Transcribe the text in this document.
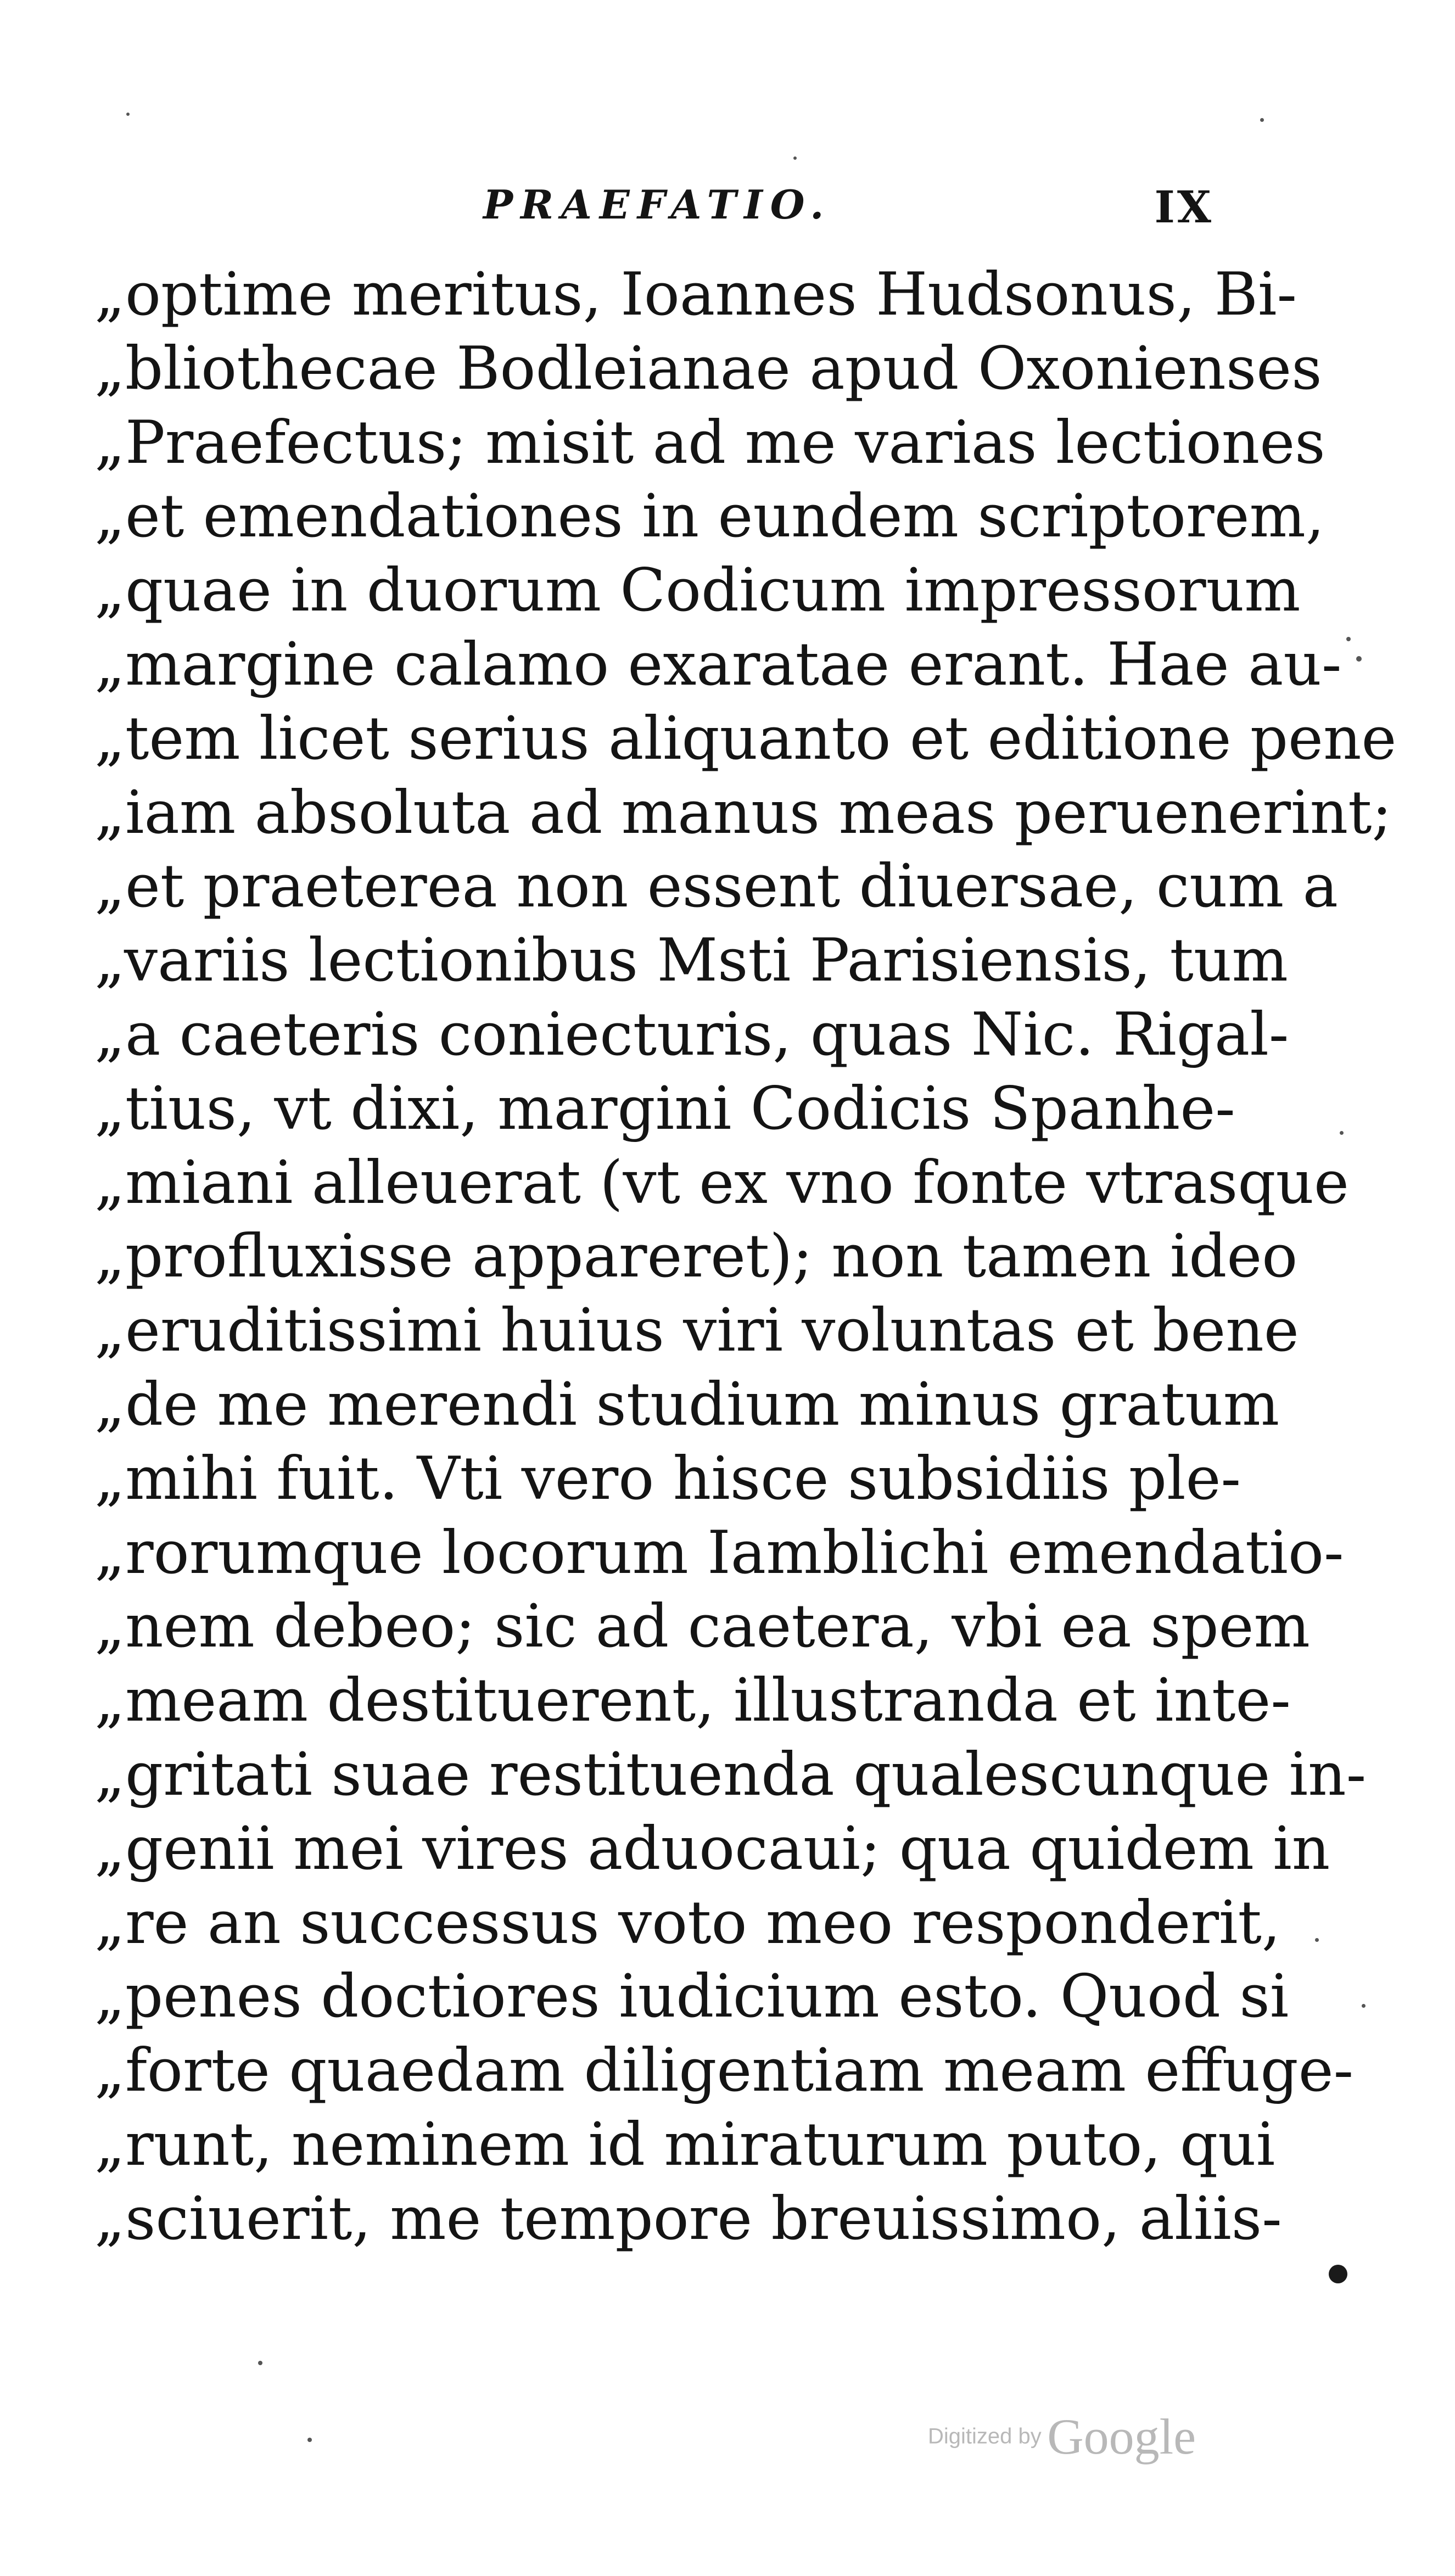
PRAEFATIO.	IX
„optime meritus, Ioannes Hudsonus, Bi-
„bliothecae Bodleianae apud Oxonienses
„Praefectus; misit ad me varias lectiones
„et emendationes in eundem scriptorem,
„quae in duorum Codicum impressorum
„margine calamo exaratae erant. Hae au-
„tem licet serius aliquanto et editione pene
„iam absoluta ad manus meas peruenerint;
„et praeterea non essent diuersae, cum a
„variis lectionibus Msti Parisiensis, tum
„a caeteris coniecturis, quas Nic. Rigal-
„tius, vt dixi, margini Codicis Spanhe-
„miani alleuerat (vt ex vno fonte vtrasque
„profluxisse appareret); non tamen ideo
„eruditissimi huius viri voluntas et bene
„de me merendi studium minus gratum
„mihi fuit. Vti vero hisce subsidiis ple-
„rorumque locorum Iamblichi emendatio-
„nem debeo; sic ad caetera, vbi ea spem
„meam destituerent, illustranda et inte-
„gritati suae restituenda qualescunque in-
„genii mei vires aduocaui; qua quidem in
„re an successus voto meo responderit,
„penes doctiores iudicium esto. Quod si
„forte quaedam diligentiam meam effuge-
„runt, neminem id miraturum puto, qui
„sciuerit, me tempore breuissimo, aliis-
Digitized by Google
